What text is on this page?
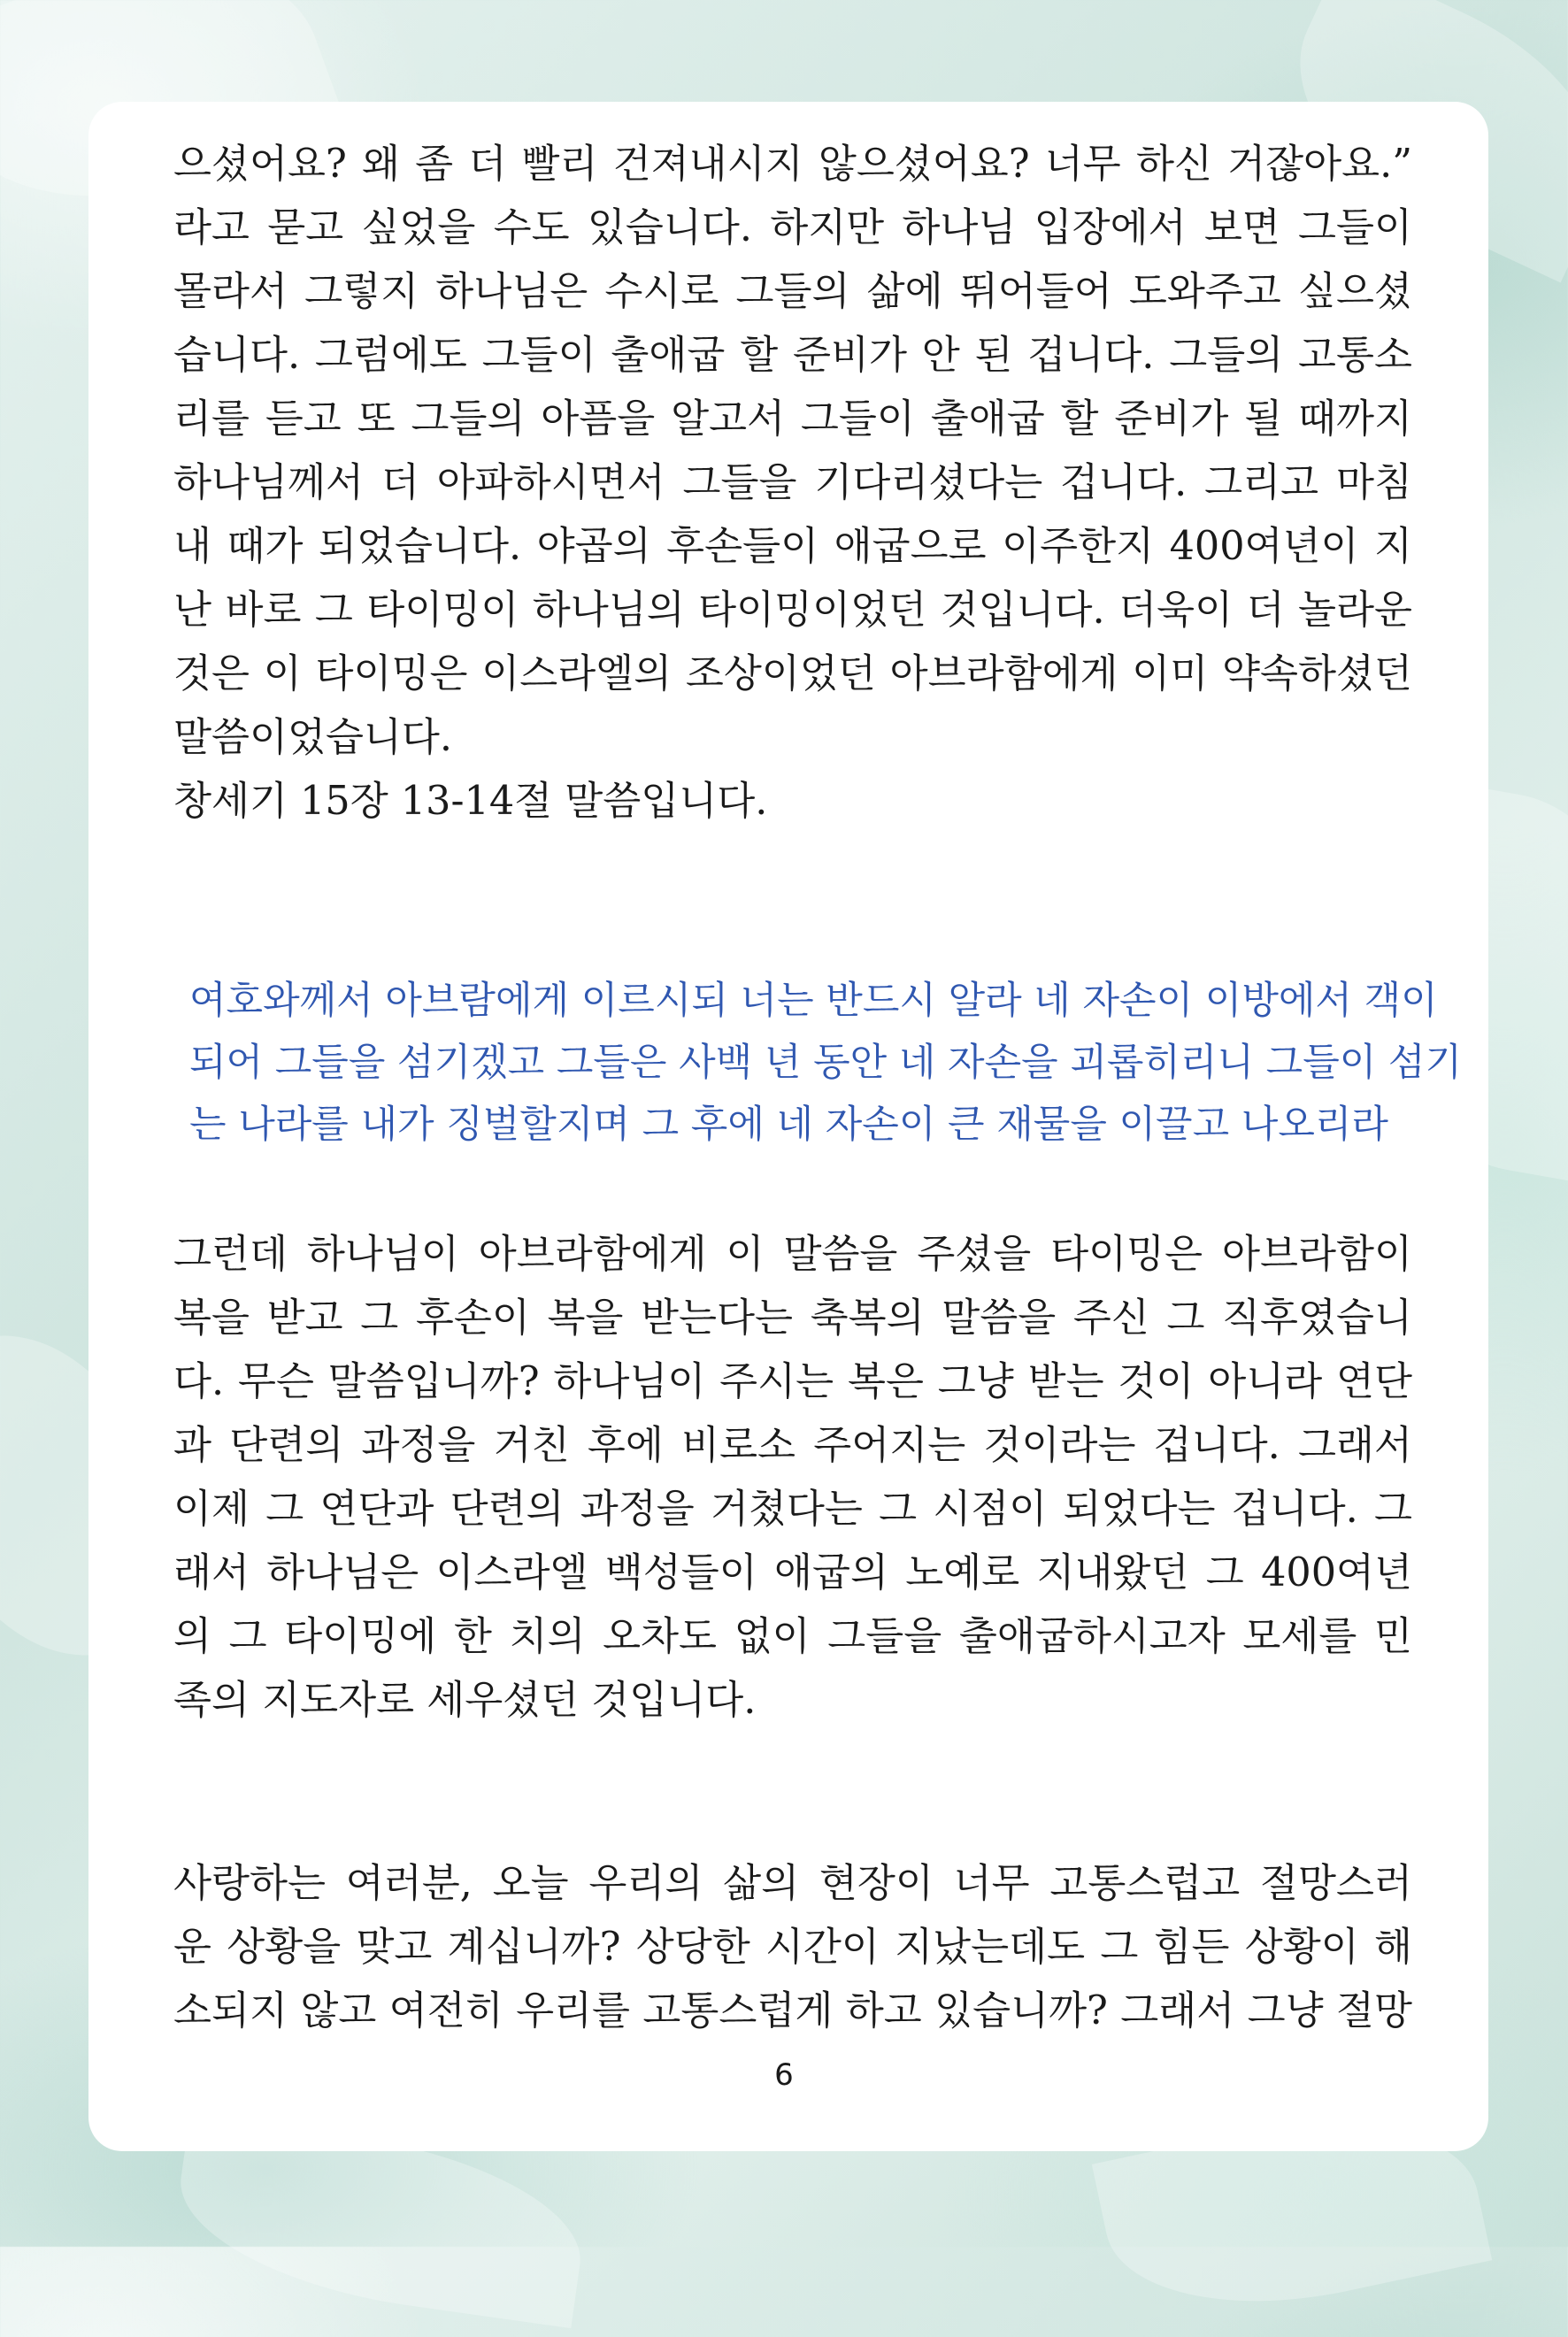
으셨어요? 왜 좀 더 빨리 건져내시지 않으셨어요? 너무 하신 거잖아요.”
라고 묻고 싶었을 수도 있습니다. 하지만 하나님 입장에서 보면 그들이
몰라서 그렇지 하나님은 수시로 그들의 삶에 뛰어들어 도와주고 싶으셨
습니다. 그럼에도 그들이 출애굽 할 준비가 안 된 겁니다. 그들의 고통소
리를 듣고 또 그들의 아픔을 알고서 그들이 출애굽 할 준비가 될 때까지
하나님께서 더 아파하시면서 그들을 기다리셨다는 겁니다. 그리고 마침
내 때가 되었습니다. 야곱의 후손들이 애굽으로 이주한지 400여년이 지
난 바로 그 타이밍이 하나님의 타이밍이었던 것입니다. 더욱이 더 놀라운
것은 이 타이밍은 이스라엘의 조상이었던 아브라함에게 이미 약속하셨던
말씀이었습니다.
창세기 15장 13-14절 말씀입니다.
여호와께서 아브람에게 이르시되 너는 반드시 알라 네 자손이 이방에서 객이
되어 그들을 섬기겠고 그들은 사백 년 동안 네 자손을 괴롭히리니 그들이 섬기
는 나라를 내가 징벌할지며 그 후에 네 자손이 큰 재물을 이끌고 나오리라
그런데 하나님이 아브라함에게 이 말씀을 주셨을 타이밍은 아브라함이
복을 받고 그 후손이 복을 받는다는 축복의 말씀을 주신 그 직후였습니
다. 무슨 말씀입니까? 하나님이 주시는 복은 그냥 받는 것이 아니라 연단
과 단련의 과정을 거친 후에 비로소 주어지는 것이라는 겁니다. 그래서
이제 그 연단과 단련의 과정을 거쳤다는 그 시점이 되었다는 겁니다. 그
래서 하나님은 이스라엘 백성들이 애굽의 노예로 지내왔던 그 400여년
의 그 타이밍에 한 치의 오차도 없이 그들을 출애굽하시고자 모세를 민
족의 지도자로 세우셨던 것입니다.
사랑하는 여러분, 오늘 우리의 삶의 현장이 너무 고통스럽고 절망스러
운 상황을 맞고 계십니까? 상당한 시간이 지났는데도 그 힘든 상황이 해
소되지 않고 여전히 우리를 고통스럽게 하고 있습니까? 그래서 그냥 절망
6
